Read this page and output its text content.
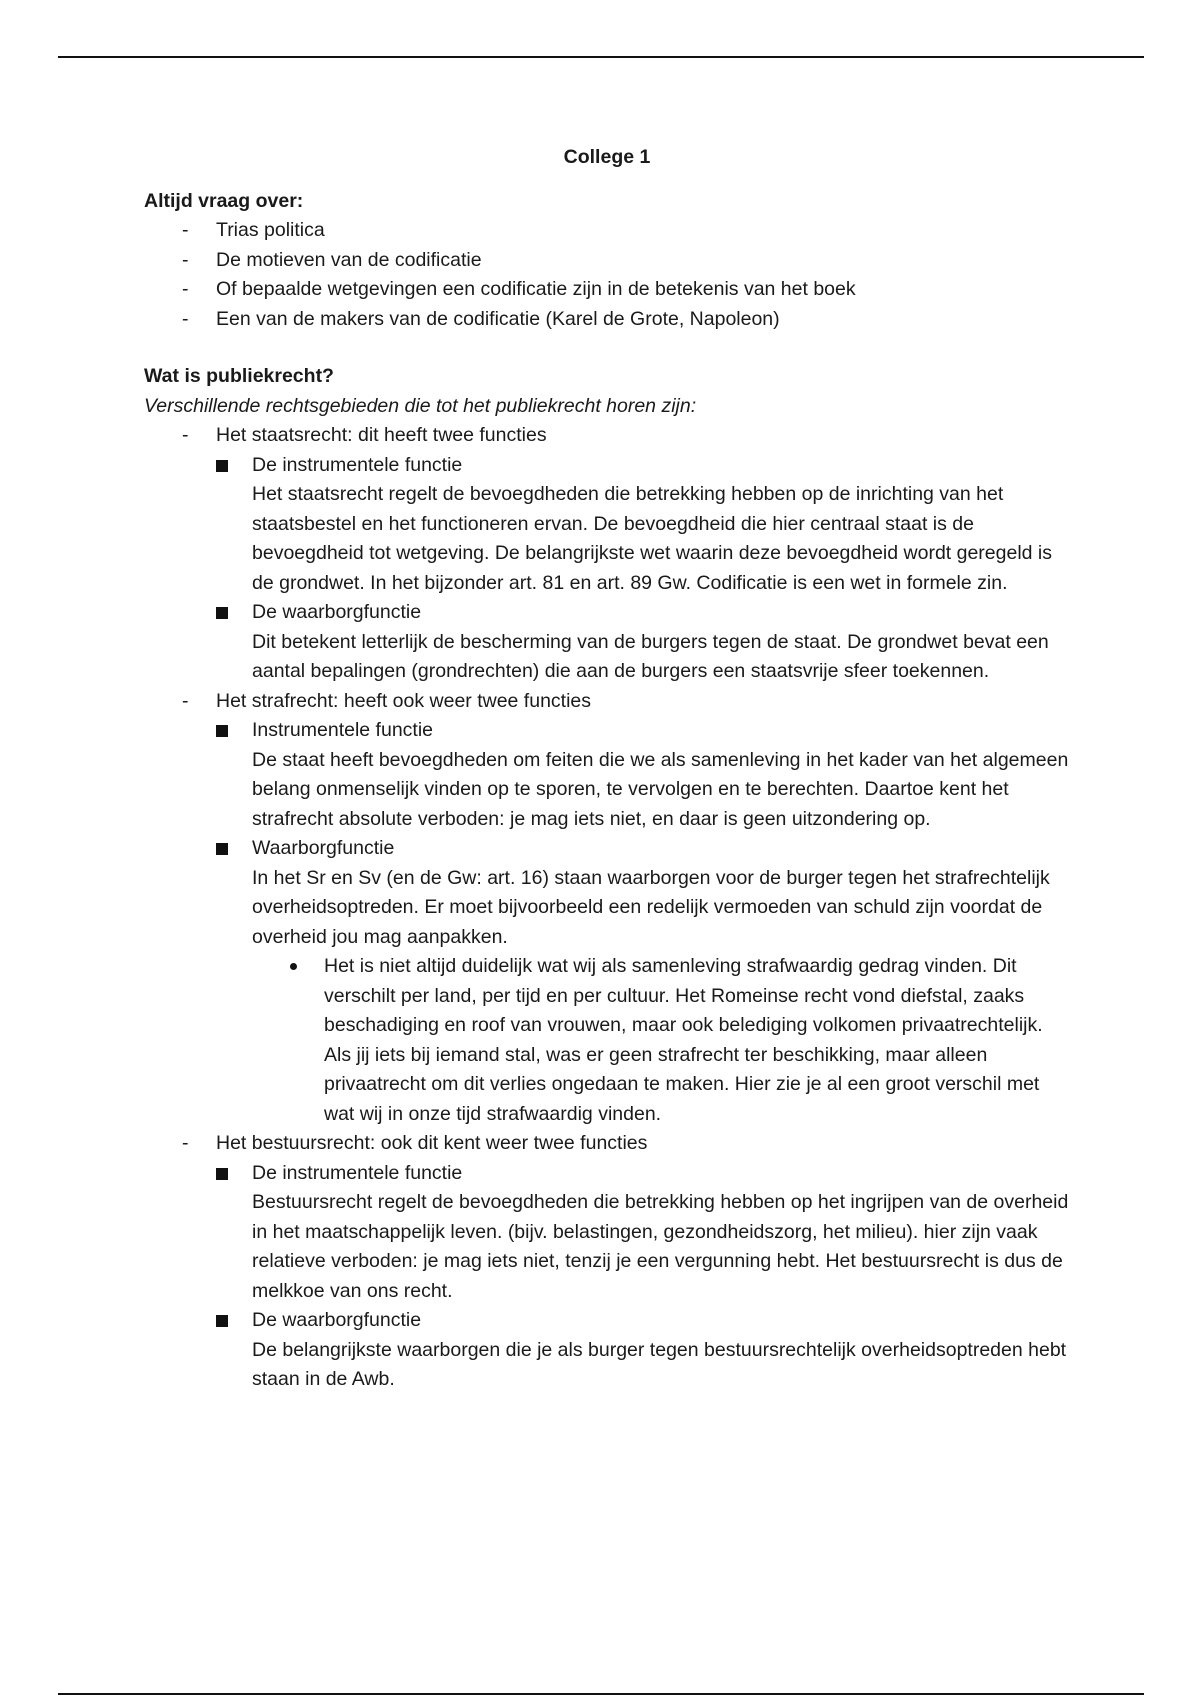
College 1
Altijd vraag over:
- Trias politica
- De motieven van de codificatie
- Of bepaalde wetgevingen een codificatie zijn in de betekenis van het boek
- Een van de makers van de codificatie (Karel de Grote, Napoleon)
Wat is publiekrecht?
Verschillende rechtsgebieden die tot het publiekrecht horen zijn:
- Het staatsrecht: dit heeft twee functies
De instrumentele functie
Het staatsrecht regelt de bevoegdheden die betrekking hebben op de inrichting van het staatsbestel en het functioneren ervan. De bevoegdheid die hier centraal staat is de bevoegdheid tot wetgeving. De belangrijkste wet waarin deze bevoegdheid wordt geregeld is de grondwet. In het bijzonder art. 81 en art. 89 Gw. Codificatie is een wet in formele zin.
De waarborgfunctie
Dit betekent letterlijk de bescherming van de burgers tegen de staat. De grondwet bevat een aantal bepalingen (grondrechten) die aan de burgers een staatsvrije sfeer toekennen.
- Het strafrecht: heeft ook weer twee functies
Instrumentele functie
De staat heeft bevoegdheden om feiten die we als samenleving in het kader van het algemeen belang onmenselijk vinden op te sporen, te vervolgen en te berechten. Daartoe kent het strafrecht absolute verboden: je mag iets niet, en daar is geen uitzondering op.
Waarborgfunctie
In het Sr en Sv (en de Gw: art. 16) staan waarborgen voor de burger tegen het strafrechtelijk overheidsoptreden. Er moet bijvoorbeeld een redelijk vermoeden van schuld zijn voordat de overheid jou mag aanpakken.
Het is niet altijd duidelijk wat wij als samenleving strafwaardig gedrag vinden. Dit verschilt per land, per tijd en per cultuur. Het Romeinse recht vond diefstal, zaaks beschadiging en roof van vrouwen, maar ook belediging volkomen privaatrechtelijk. Als jij iets bij iemand stal, was er geen strafrecht ter beschikking, maar alleen privaatrecht om dit verlies ongedaan te maken. Hier zie je al een groot verschil met wat wij in onze tijd strafwaardig vinden.
- Het bestuursrecht: ook dit kent weer twee functies
De instrumentele functie
Bestuursrecht regelt de bevoegdheden die betrekking hebben op het ingrijpen van de overheid in het maatschappelijk leven. (bijv. belastingen, gezondheidszorg, het milieu). hier zijn vaak relatieve verboden: je mag iets niet, tenzij je een vergunning hebt. Het bestuursrecht is dus de melkkoe van ons recht.
De waarborgfunctie
De belangrijkste waarborgen die je als burger tegen bestuursrechtelijk overheidsoptreden hebt staan in de Awb.
